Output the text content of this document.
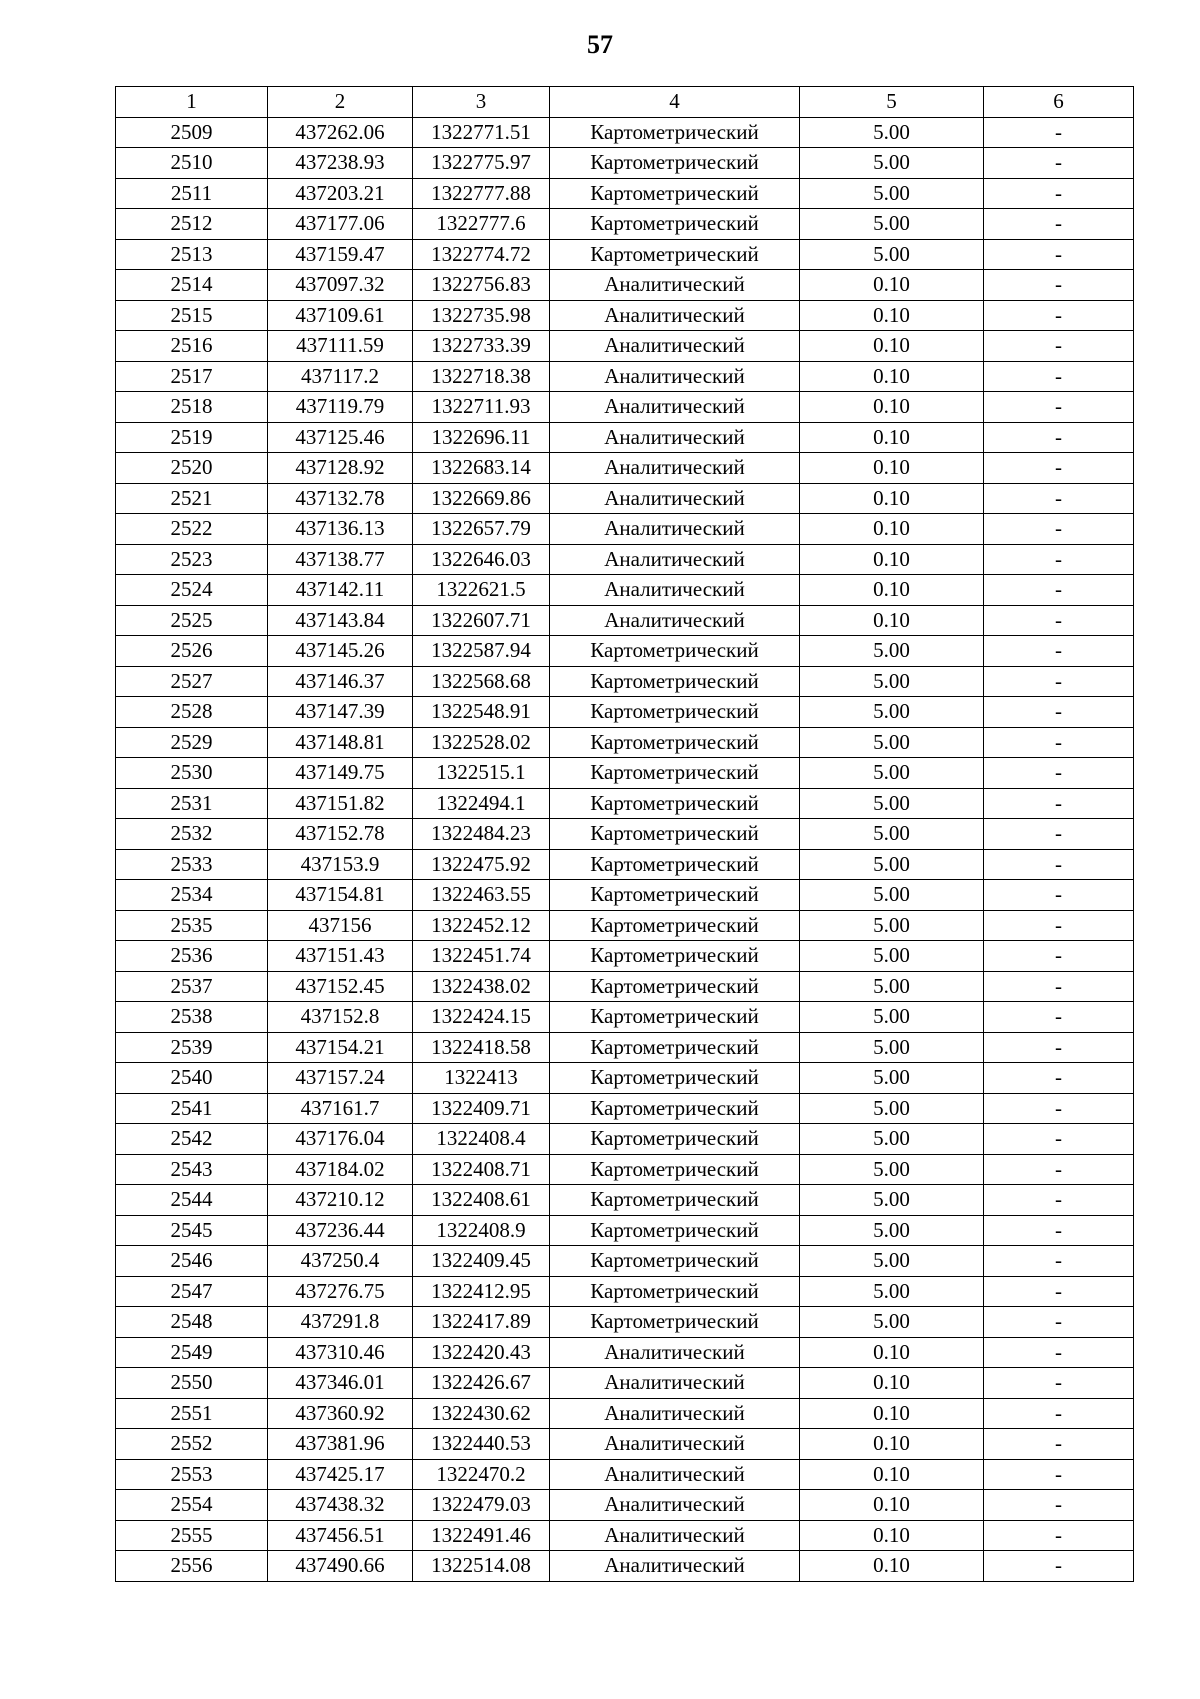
57
1	2	3	4	5	6
2509	437262.06	1322771.51	Картометрический	5.00	-
2510	437238.93	1322775.97	Картометрический	5.00	-
2511	437203.21	1322777.88	Картометрический	5.00	-
2512	437177.06	1322777.6	Картометрический	5.00	-
2513	437159.47	1322774.72	Картометрический	5.00	-
2514	437097.32	1322756.83	Аналитический	0.10	-
2515	437109.61	1322735.98	Аналитический	0.10	-
2516	437111.59	1322733.39	Аналитический	0.10	-
2517	437117.2	1322718.38	Аналитический	0.10	-
2518	437119.79	1322711.93	Аналитический	0.10	-
2519	437125.46	1322696.11	Аналитический	0.10	-
2520	437128.92	1322683.14	Аналитический	0.10	-
2521	437132.78	1322669.86	Аналитический	0.10	-
2522	437136.13	1322657.79	Аналитический	0.10	-
2523	437138.77	1322646.03	Аналитический	0.10	-
2524	437142.11	1322621.5	Аналитический	0.10	-
2525	437143.84	1322607.71	Аналитический	0.10	-
2526	437145.26	1322587.94	Картометрический	5.00	-
2527	437146.37	1322568.68	Картометрический	5.00	-
2528	437147.39	1322548.91	Картометрический	5.00	-
2529	437148.81	1322528.02	Картометрический	5.00	-
2530	437149.75	1322515.1	Картометрический	5.00	-
2531	437151.82	1322494.1	Картометрический	5.00	-
2532	437152.78	1322484.23	Картометрический	5.00	-
2533	437153.9	1322475.92	Картометрический	5.00	-
2534	437154.81	1322463.55	Картометрический	5.00	-
2535	437156	1322452.12	Картометрический	5.00	-
2536	437151.43	1322451.74	Картометрический	5.00	-
2537	437152.45	1322438.02	Картометрический	5.00	-
2538	437152.8	1322424.15	Картометрический	5.00	-
2539	437154.21	1322418.58	Картометрический	5.00	-
2540	437157.24	1322413	Картометрический	5.00	-
2541	437161.7	1322409.71	Картометрический	5.00	-
2542	437176.04	1322408.4	Картометрический	5.00	-
2543	437184.02	1322408.71	Картометрический	5.00	-
2544	437210.12	1322408.61	Картометрический	5.00	-
2545	437236.44	1322408.9	Картометрический	5.00	-
2546	437250.4	1322409.45	Картометрический	5.00	-
2547	437276.75	1322412.95	Картометрический	5.00	-
2548	437291.8	1322417.89	Картометрический	5.00	-
2549	437310.46	1322420.43	Аналитический	0.10	-
2550	437346.01	1322426.67	Аналитический	0.10	-
2551	437360.92	1322430.62	Аналитический	0.10	-
2552	437381.96	1322440.53	Аналитический	0.10	-
2553	437425.17	1322470.2	Аналитический	0.10	-
2554	437438.32	1322479.03	Аналитический	0.10	-
2555	437456.51	1322491.46	Аналитический	0.10	-
2556	437490.66	1322514.08	Аналитический	0.10	-
